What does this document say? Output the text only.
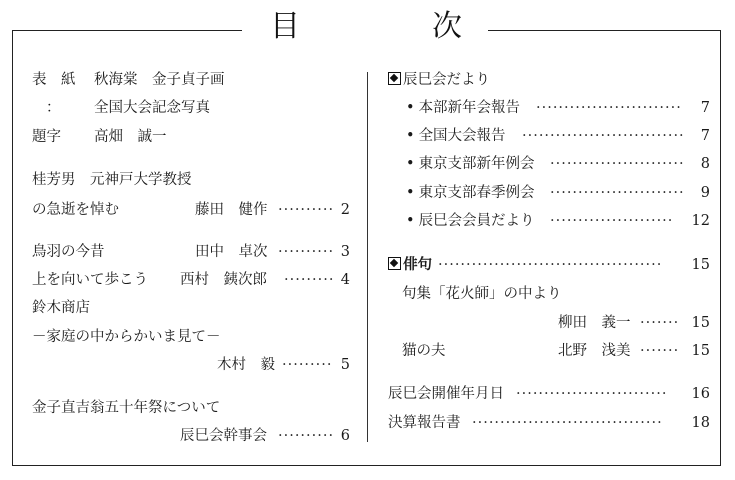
目	次
表　紙 秋海棠　金子貞子画
： 全国大会記念写真
題字 高畑　誠一
桂芳男　元神戸大学教授
の急逝を悼む	藤田　健作 ·········· 2
鳥羽の今昔	田中　卓次 ·········· 3
上を向いて歩こう 西村　銕次郎 ········· 4
鈴木商店
－家庭の中からかいま見て－
木村　毅 ········· 5
金子直吉翁五十年祭について
辰巳会幹事会 ·········· 6
辰巳会だより
• 本部新年会報告 ··························	7
• 全国大会報告 ·····························	7
• 東京支部新年例会 ························	8
• 東京支部春季例会 ························	9
• 辰巳会会員だより ······················	12
俳句 ········································	15
句集「花火師」の中より
柳田　義一 ······· 15
猫の夫	北野　浅美 ······· 15
辰巳会開催年月日 ···························	16
決算報告書 ··································	18
